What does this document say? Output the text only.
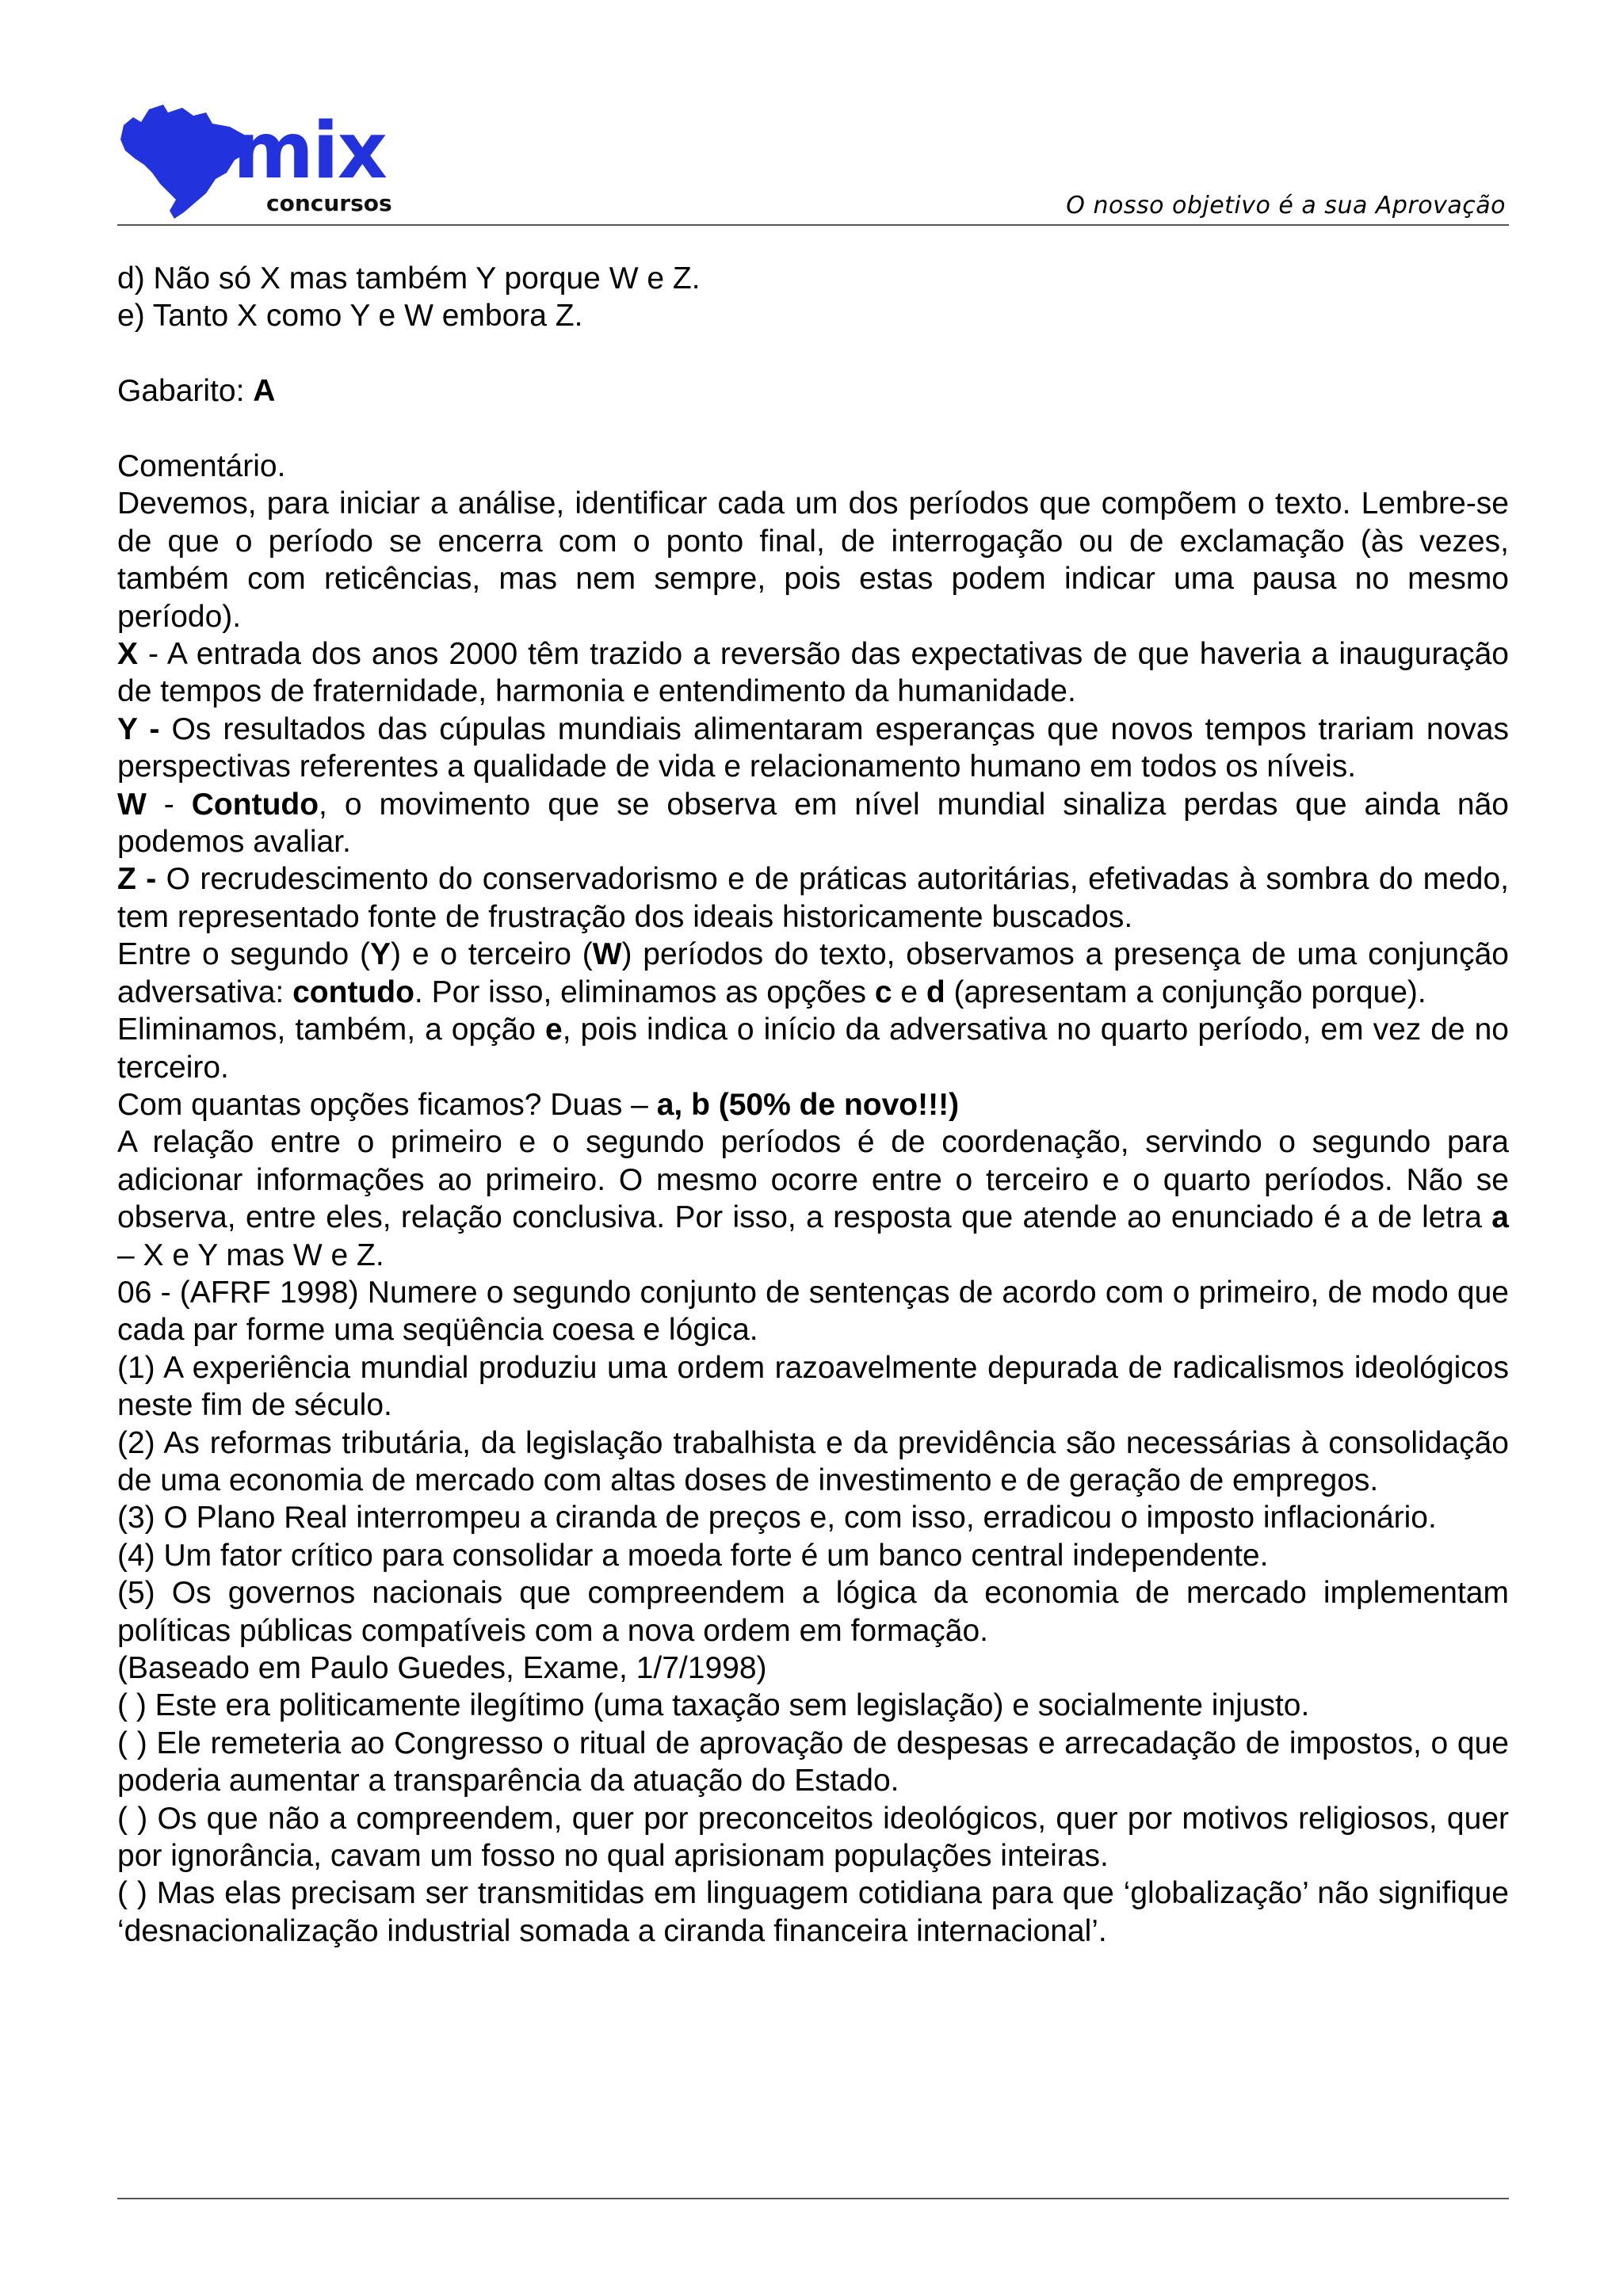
mix
concursos	O nosso objetivo é a sua Aprovação

d) Não só X mas também Y porque W e Z.

e) Tanto X como Y e W embora Z.

Gabarito: A

Comentário.

Devemos, para iniciar a análise, identificar cada um dos períodos que compõem o texto. Lembre-se de que o período se encerra com o ponto final, de interrogação ou de exclamação (às vezes, também com reticências, mas nem sempre, pois estas podem indicar uma pausa no mesmo período).

X - A entrada dos anos 2000 têm trazido a reversão das expectativas de que haveria a inauguração de tempos de fraternidade, harmonia e entendimento da humanidade.

Y - Os resultados das cúpulas mundiais alimentaram esperanças que novos tempos trariam novas perspectivas referentes a qualidade de vida e relacionamento humano em todos os níveis.

W - Contudo, o movimento que se observa em nível mundial sinaliza perdas que ainda não podemos avaliar.

Z - O recrudescimento do conservadorismo e de práticas autoritárias, efetivadas à sombra do medo, tem representado fonte de frustração dos ideais historicamente buscados.

Entre o segundo (Y) e o terceiro (W) períodos do texto, observamos a presença de uma conjunção adversativa: contudo. Por isso, eliminamos as opções c e d (apresentam a conjunção porque).

Eliminamos, também, a opção e, pois indica o início da adversativa no quarto período, em vez de no terceiro.

Com quantas opções ficamos? Duas – a, b (50% de novo!!!)

A relação entre o primeiro e o segundo períodos é de coordenação, servindo o segundo para adicionar informações ao primeiro. O mesmo ocorre entre o terceiro e o quarto períodos. Não se observa, entre eles, relação conclusiva. Por isso, a resposta que atende ao enunciado é a de letra a – X e Y mas W e Z.

06 - (AFRF 1998) Numere o segundo conjunto de sentenças de acordo com o primeiro, de modo que cada par forme uma seqüência coesa e lógica.

(1) A experiência mundial produziu uma ordem razoavelmente depurada de radicalismos ideológicos neste fim de século.

(2) As reformas tributária, da legislação trabalhista e da previdência são necessárias à consolidação de uma economia de mercado com altas doses de investimento e de geração de empregos.

(3) O Plano Real interrompeu a ciranda de preços e, com isso, erradicou o imposto inflacionário.

(4) Um fator crítico para consolidar a moeda forte é um banco central independente.

(5) Os governos nacionais que compreendem a lógica da economia de mercado implementam políticas públicas compatíveis com a nova ordem em formação.

(Baseado em Paulo Guedes, Exame, 1/7/1998)

( ) Este era politicamente ilegítimo (uma taxação sem legislação) e socialmente injusto.

( ) Ele remeteria ao Congresso o ritual de aprovação de despesas e arrecadação de impostos, o que poderia aumentar a transparência da atuação do Estado.

( ) Os que não a compreendem, quer por preconceitos ideológicos, quer por motivos religiosos, quer por ignorância, cavam um fosso no qual aprisionam populações inteiras.

( ) Mas elas precisam ser transmitidas em linguagem cotidiana para que ‘globalização’ não signifique ‘desnacionalização industrial somada a ciranda financeira internacional’.
